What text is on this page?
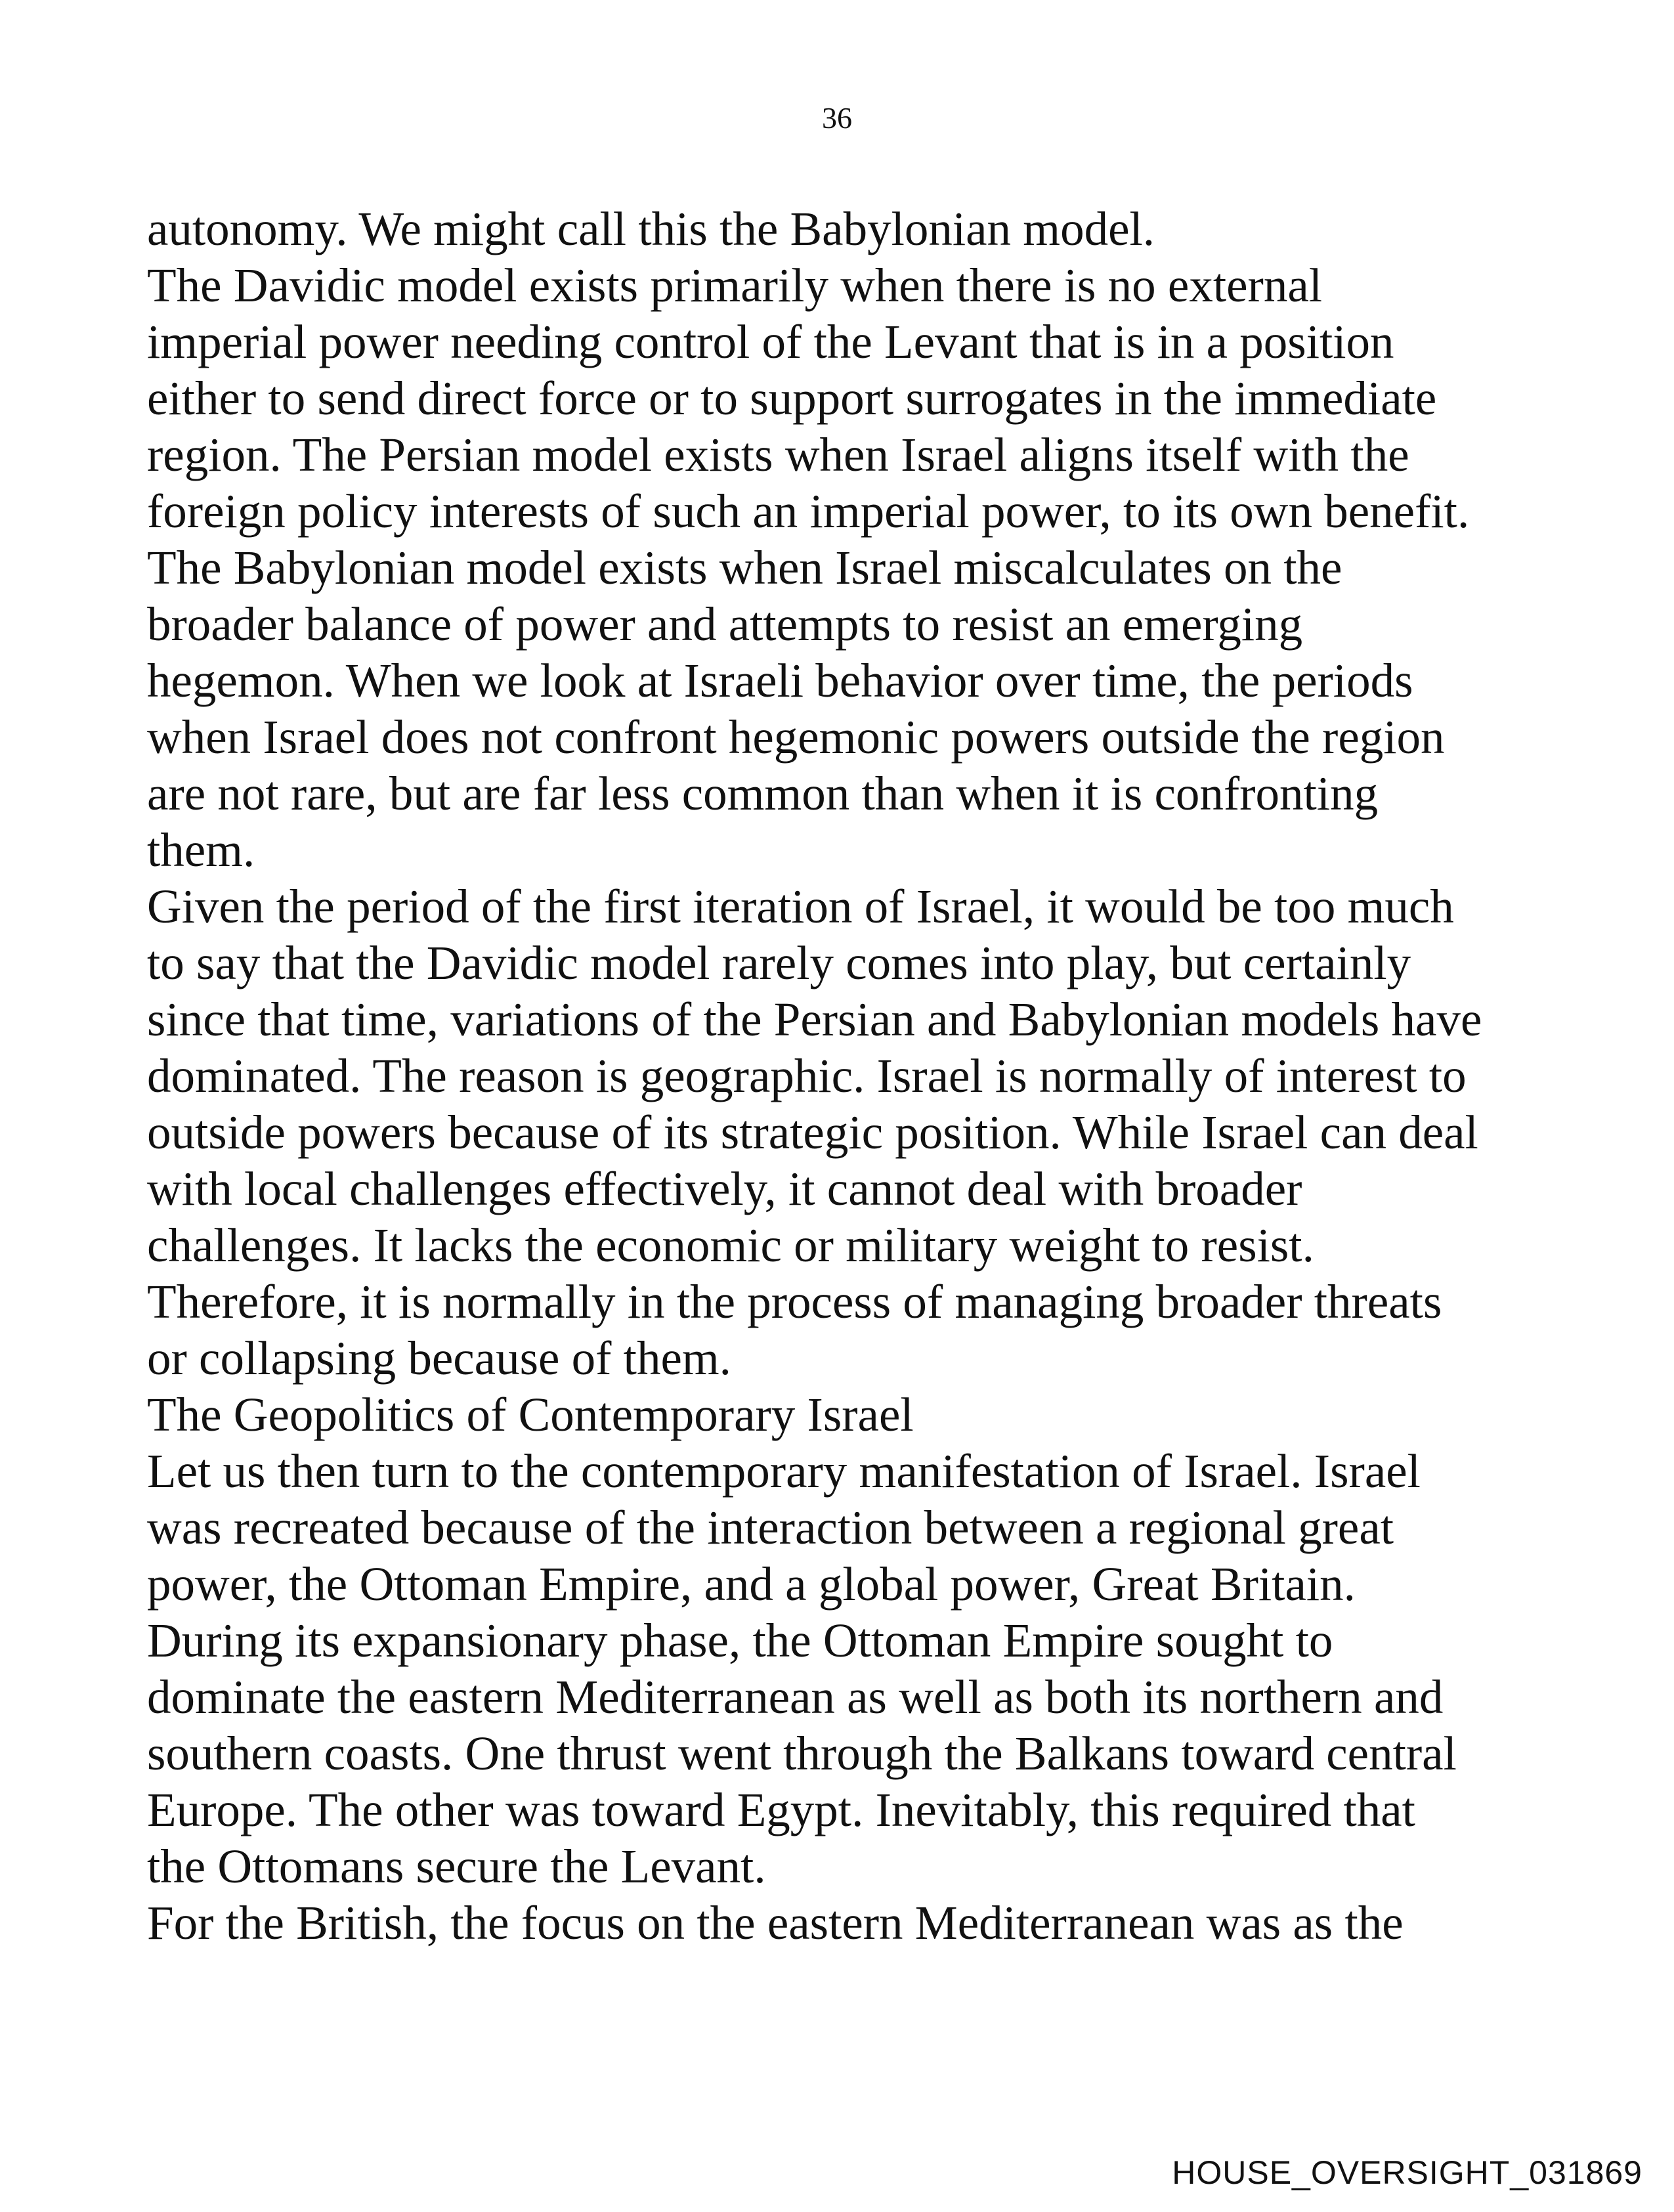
36
autonomy. We might call this the Babylonian model.
The Davidic model exists primarily when there is no external
imperial power needing control of the Levant that is in a position
either to send direct force or to support surrogates in the immediate
region. The Persian model exists when Israel aligns itself with the
foreign policy interests of such an imperial power, to its own benefit.
The Babylonian model exists when Israel miscalculates on the
broader balance of power and attempts to resist an emerging
hegemon. When we look at Israeli behavior over time, the periods
when Israel does not confront hegemonic powers outside the region
are not rare, but are far less common than when it is confronting
them.
Given the period of the first iteration of Israel, it would be too much
to say that the Davidic model rarely comes into play, but certainly
since that time, variations of the Persian and Babylonian models have
dominated. The reason is geographic. Israel is normally of interest to
outside powers because of its strategic position. While Israel can deal
with local challenges effectively, it cannot deal with broader
challenges. It lacks the economic or military weight to resist.
Therefore, it is normally in the process of managing broader threats
or collapsing because of them.
The Geopolitics of Contemporary Israel
Let us then turn to the contemporary manifestation of Israel. Israel
was recreated because of the interaction between a regional great
power, the Ottoman Empire, and a global power, Great Britain.
During its expansionary phase, the Ottoman Empire sought to
dominate the eastern Mediterranean as well as both its northern and
southern coasts. One thrust went through the Balkans toward central
Europe. The other was toward Egypt. Inevitably, this required that
the Ottomans secure the Levant.
For the British, the focus on the eastern Mediterranean was as the
HOUSE_OVERSIGHT_031869
